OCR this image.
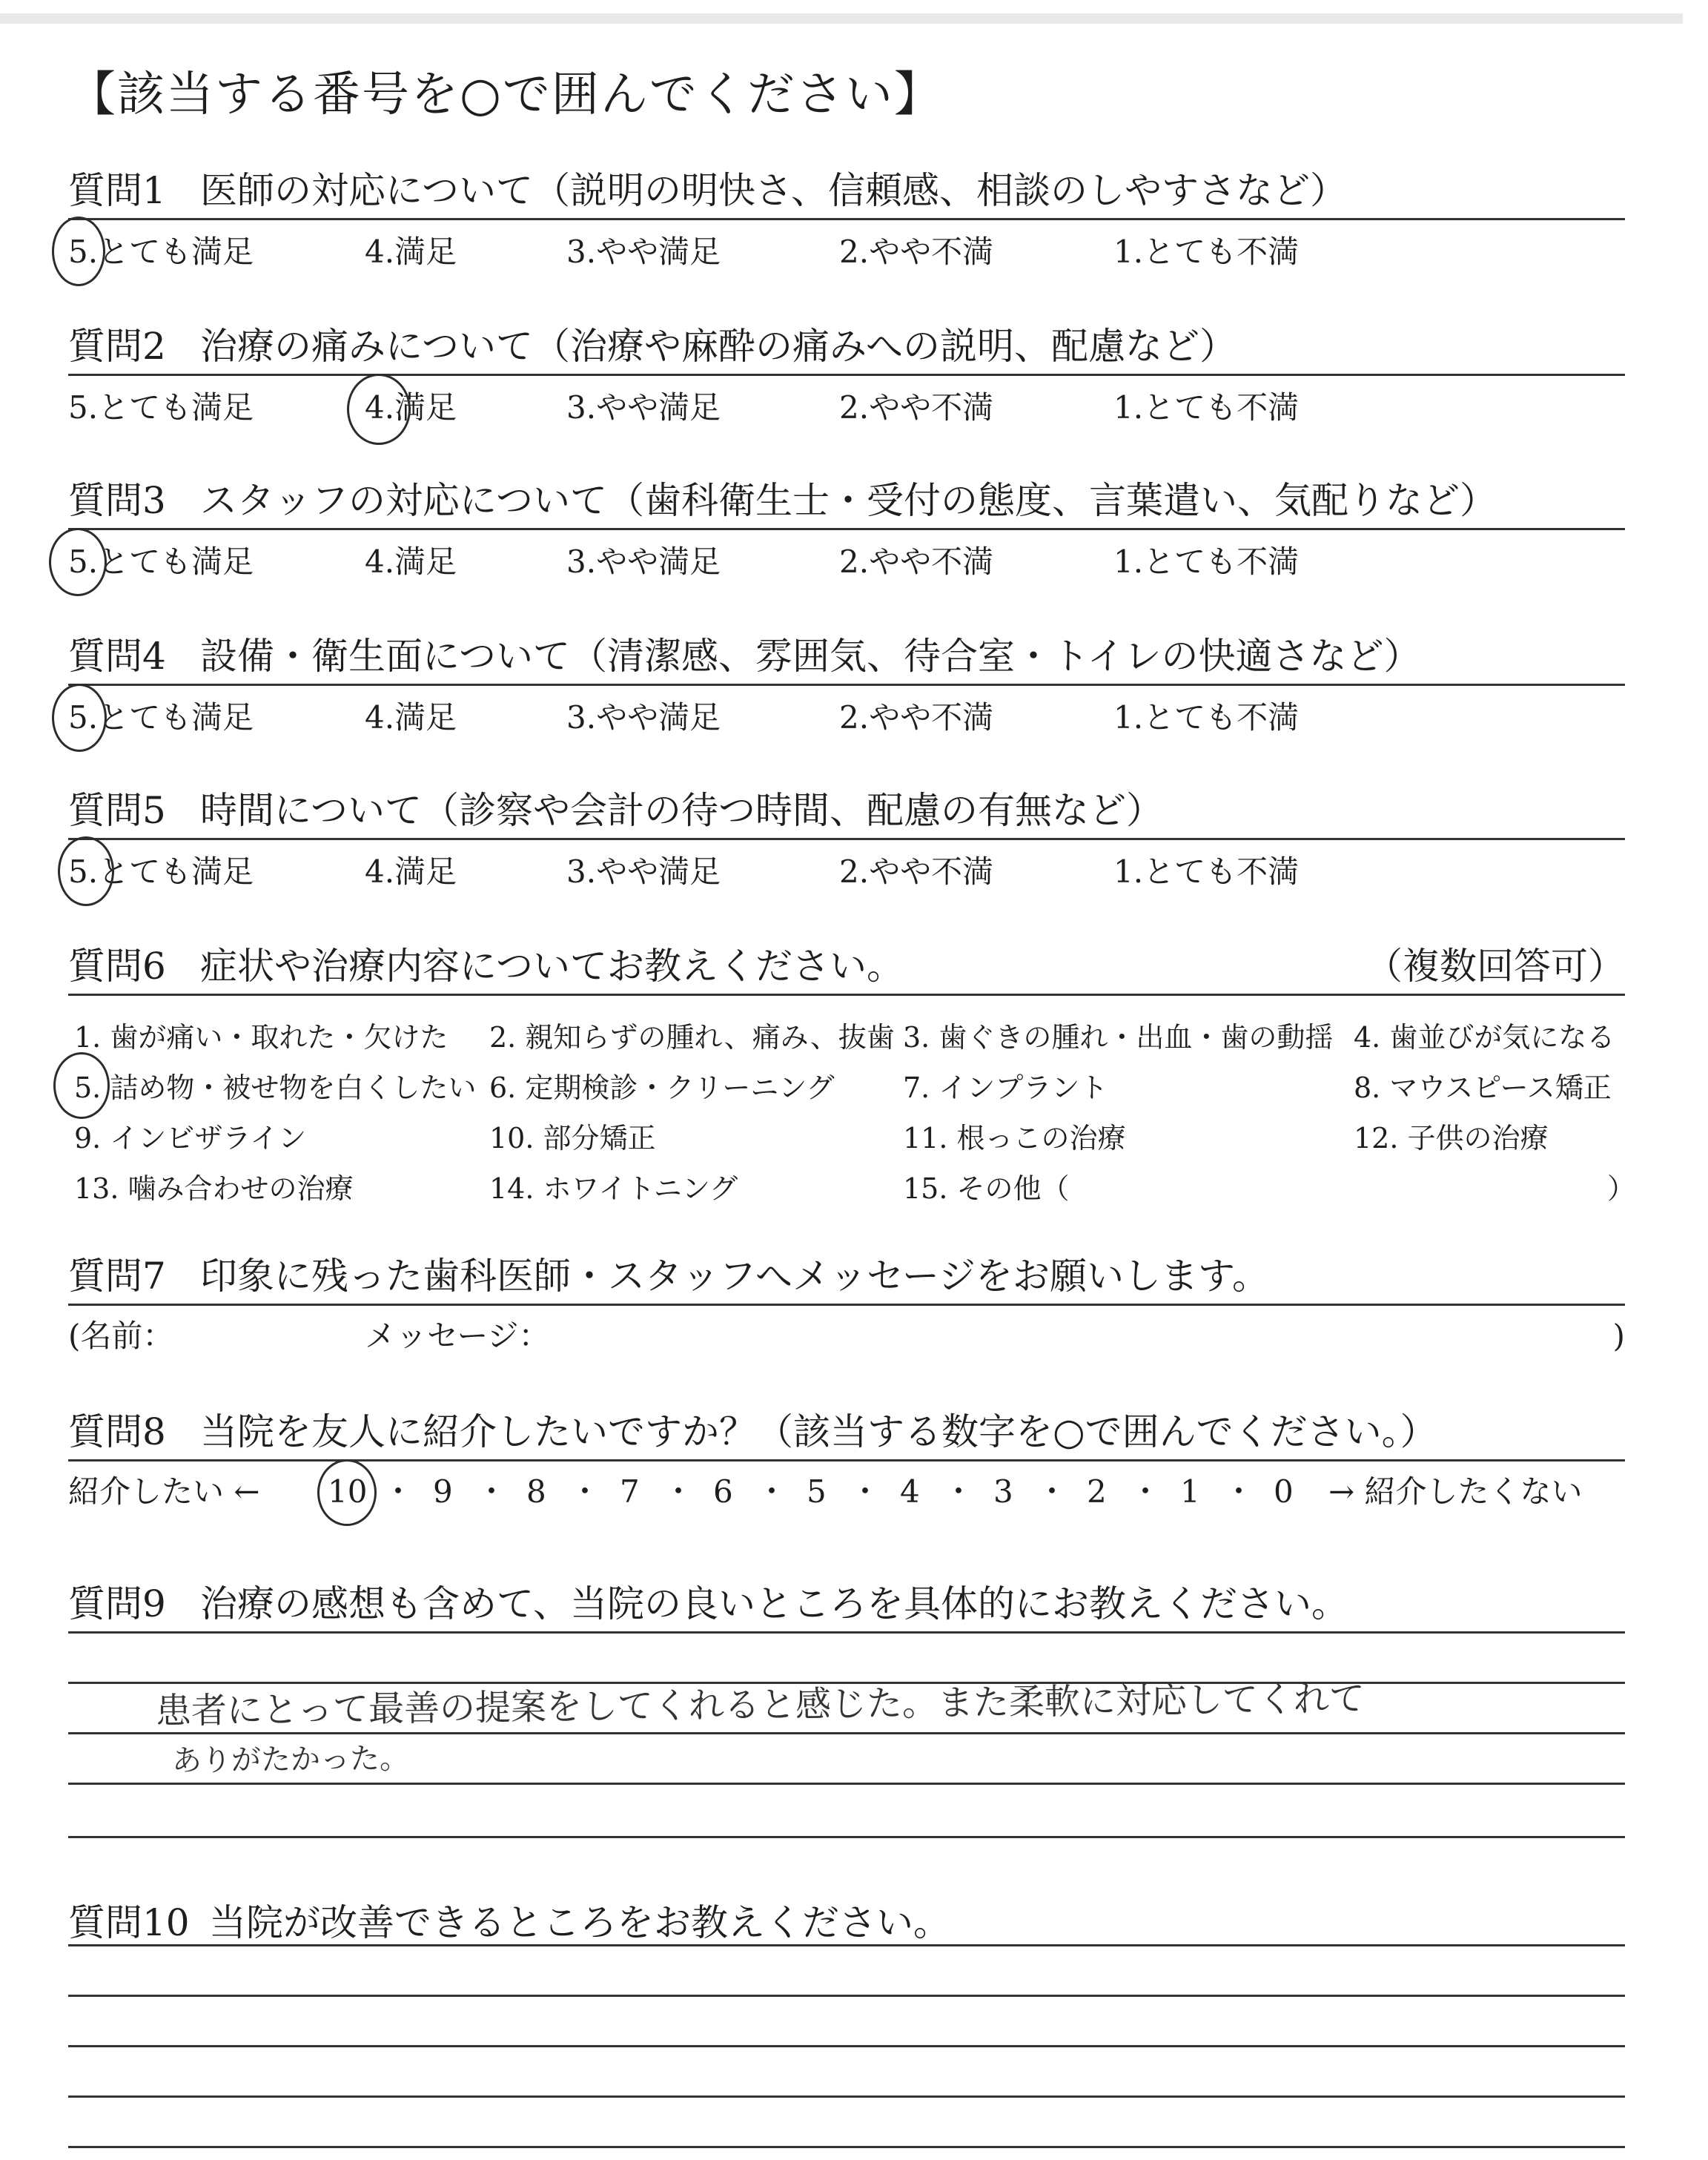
【該当する番号を○で囲んでください】
質問1 医師の対応について（説明の明快さ、信頼感、相談のしやすさなど）
5.とても満足	4.満足	3.やや満足	2.やや不満	1.とても不満
質問2 治療の痛みについて（治療や麻酔の痛みへの説明、配慮など）
5.とても満足	4.満足	3.やや満足	2.やや不満	1.とても不満
質問3 スタッフの対応について（歯科衛生士・受付の態度、言葉遣い、気配りなど）
5.とても満足	4.満足	3.やや満足	2.やや不満	1.とても不満
質問4 設備・衛生面について（清潔感、雰囲気、待合室・トイレの快適さなど）
5.とても満足	4.満足	3.やや満足	2.やや不満	1.とても不満
質問5 時間について（診察や会計の待つ時間、配慮の有無など）
5.とても満足	4.満足	3.やや満足	2.やや不満	1.とても不満
質問6 症状や治療内容についてお教えください。	（複数回答可）
1. 歯が痛い・取れた・欠けた 2. 親知らずの腫れ、痛み、抜歯 3. 歯ぐきの腫れ・出血・歯の動揺 4. 歯並びが気になる
5. 詰め物・被せ物を白くしたい 6. 定期検診・クリーニング 7. インプラント	8. マウスピース矯正
9. インビザライン	10. 部分矯正	11. 根っこの治療	12. 子供の治療
13. 噛み合わせの治療	14. ホワイトニング	15. その他（	）
質問7 印象に残った歯科医師・スタッフへメッセージをお願いします。
(名前：	メッセージ：	)
質問8 当院を友人に紹介したいですか？（該当する数字を○で囲んでください。）
紹介したい ← 10 ・ 9 ・ 8 ・ 7 ・ 6 ・ 5 ・ 4 ・ 3 ・ 2 ・ 1 ・ 0 → 紹介したくない
質問9 治療の感想も含めて、当院の良いところを具体的にお教えください。
患者にとって最善の提案をしてくれると感じた。また柔軟に対応してくれて
ありがたかった。
質問10 当院が改善できるところをお教えください。
